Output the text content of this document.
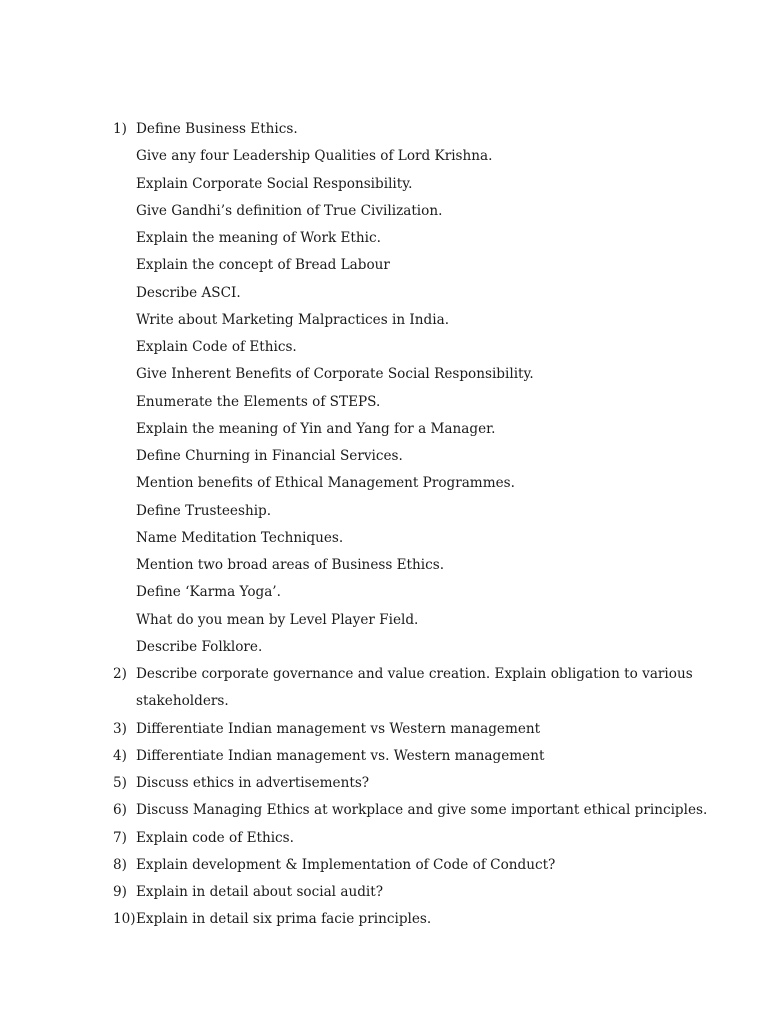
1) Define Business Ethics.
Give any four Leadership Qualities of Lord Krishna.
Explain Corporate Social Responsibility.
Give Gandhi’s definition of True Civilization.
Explain the meaning of Work Ethic.
Explain the concept of Bread Labour
Describe ASCI.
Write about Marketing Malpractices in India.
Explain Code of Ethics.
Give Inherent Benefits of Corporate Social Responsibility.
Enumerate the Elements of STEPS.
Explain the meaning of Yin and Yang for a Manager.
Define Churning in Financial Services.
Mention benefits of Ethical Management Programmes.
Define Trusteeship.
Name Meditation Techniques.
Mention two broad areas of Business Ethics.
Define ‘Karma Yoga’.
What do you mean by Level Player Field.
Describe Folklore.
2) Describe corporate governance and value creation. Explain obligation to various
stakeholders.
3) Differentiate Indian management vs Western management
4) Differentiate Indian management vs. Western management
5) Discuss ethics in advertisements?
6) Discuss Managing Ethics at workplace and give some important ethical principles.
7) Explain code of Ethics.
8) Explain development & Implementation of Code of Conduct?
9) Explain in detail about social audit?
10) Explain in detail six prima facie principles.
